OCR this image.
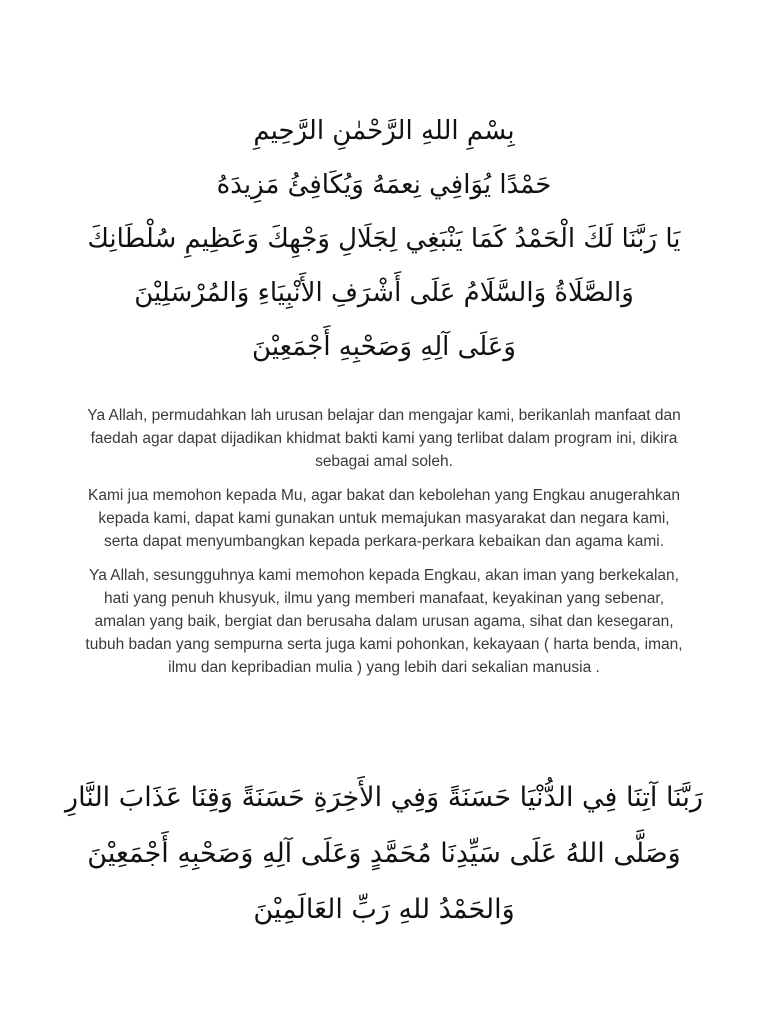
بِسْمِ اللهِ الرَّحْمٰنِ الرَّحِيمِ
حَمْدًا يُوَافِي نِعمَهُ وَيُكَافِئُ مَزِيدَهُ
يَا رَبَّنَا لَكَ الْحَمْدُ كَمَا يَنْبَغِي لِجَلَالِ وَجْهِكَ وَعَظِيمِ سُلْطَانِكَ
وَالصَّلَاةُ وَالسَّلَامُ عَلَى أَشْرَفِ الأَنْبِيَاءِ وَالمُرْسَلِيْنَ
وَعَلَى آلِهِ وَصَحْبِهِ أَجْمَعِيْنَ

Ya Allah, permudahkan lah urusan belajar dan mengajar kami, berikanlah manfaat dan faedah agar dapat dijadikan khidmat bakti kami yang terlibat dalam program ini, dikira sebagai amal soleh.

Kami jua memohon kepada Mu, agar bakat dan kebolehan yang Engkau anugerahkan kepada kami, dapat kami gunakan untuk memajukan masyarakat dan negara kami, serta dapat menyumbangkan kepada perkara-perkara kebaikan dan agama kami.

Ya Allah, sesungguhnya kami memohon kepada Engkau, akan iman yang berkekalan, hati yang penuh khusyuk, ilmu yang memberi manafaat, keyakinan yang sebenar, amalan yang baik, bergiat dan berusaha dalam urusan agama, sihat dan kesegaran, tubuh badan yang sempurna serta juga kami pohonkan, kekayaan ( harta benda, iman, ilmu dan kepribadian mulia ) yang lebih dari sekalian manusia .

رَبَّنَا آتِنَا فِي الدُّنْيَا حَسَنَةً وَفِي الأَخِرَةِ حَسَنَةً وَقِنَا عَذَابَ النَّارِ
وَصَلَّى اللهُ عَلَى سَيِّدِنَا مُحَمَّدٍ وَعَلَى آلِهِ وَصَحْبِهِ أَجْمَعِيْنَ
وَالحَمْدُ للهِ رَبِّ العَالَمِيْنَ
